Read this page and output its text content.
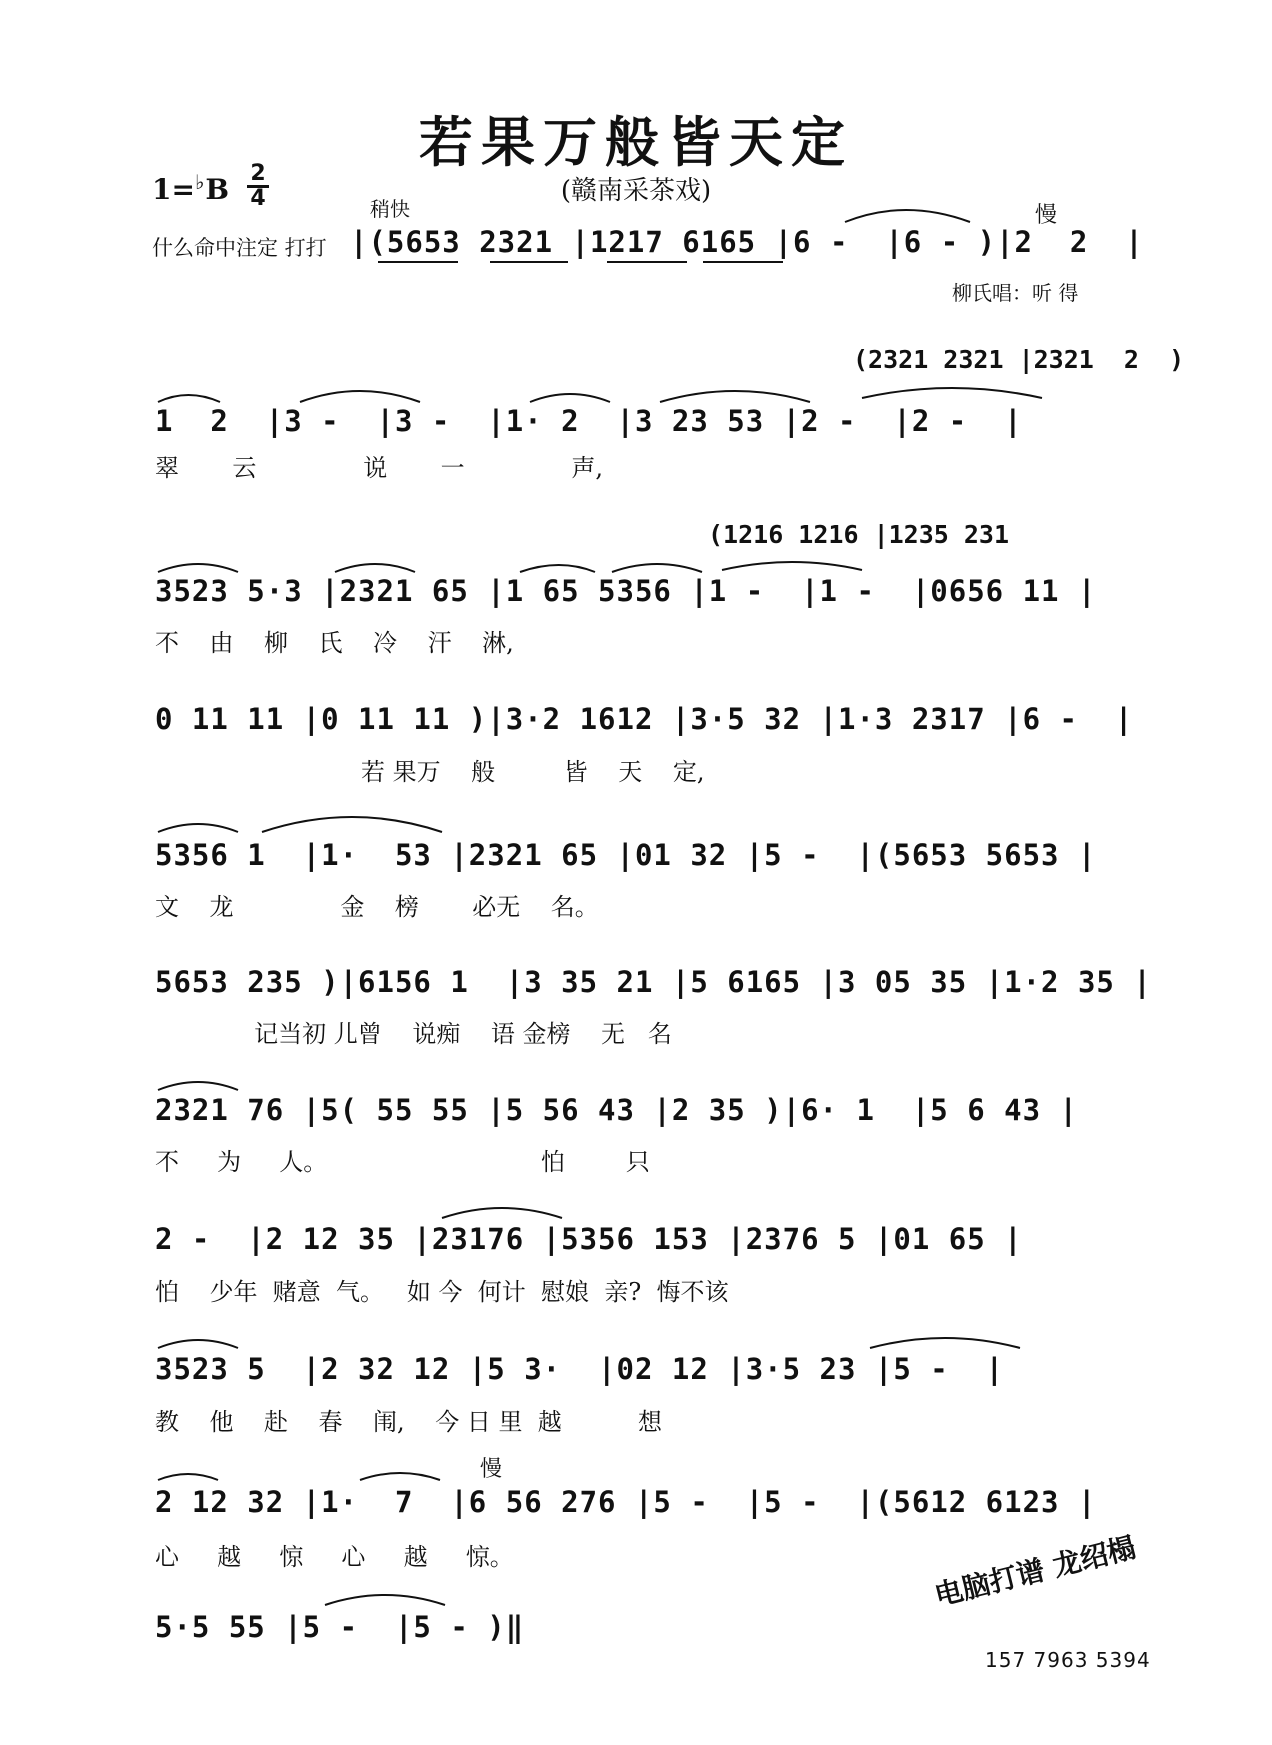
若果万般皆天定
(赣南采茶戏)
1=♭B 2
4	稍快	慢
慢
什么命中注定 打打
柳氏唱：听 得
|(5653 2321 |1217 6165 |6 -  |6 - )|2  2  |
(2321 2321 |2321  2  )
1  2  |3 -  |3 -  |1· 2  |3 23 53 |2 -  |2 -  |
翠       云              说       一              声,
(1216 1216 |1235 231
3523 5·3 |2321 65 |1 65 5356 |1 -  |1 -  |0656 11 |
不    由    柳    氏    冷    汗    淋,
0 11 11 |0 11 11 )|3·2 1612 |3·5 32 |1·3 2317 |6 -  |
若 果万    般         皆    天    定,
5356 1  |1·  53 |2321 65 |01 32 |5 -  |(5653 5653 |
文    龙              金    榜       必无    名。
5653 235 )|6156 1  |3 35 21 |5 6165 |3 05 35 |1·2 35 |
记当初 儿曾    说痴    语 金榜    无   名
2321 76 |5( 55 55 |5 56 43 |2 35 )|6· 1  |5 6 43 |
不     为     人。                            怕        只
2 -  |2 12 35 |23176 |5356 153 |2376 5 |01 65 |
怕    少年  赌意  气。   如 今  何计  慰娘  亲?  悔不该
3523 5  |2 32 12 |5 3·  |02 12 |3·5 23 |5 -  |
教    他    赴    春    闱,    今 日 里  越          想
2 12 32 |1·  7  |6 56 276 |5 -  |5 -  |(5612 6123 |
心     越     惊     心     越     惊。
5·5 55 |5 -  |5 - )‖
电脑打谱 龙绍榻
157 7963 5394
